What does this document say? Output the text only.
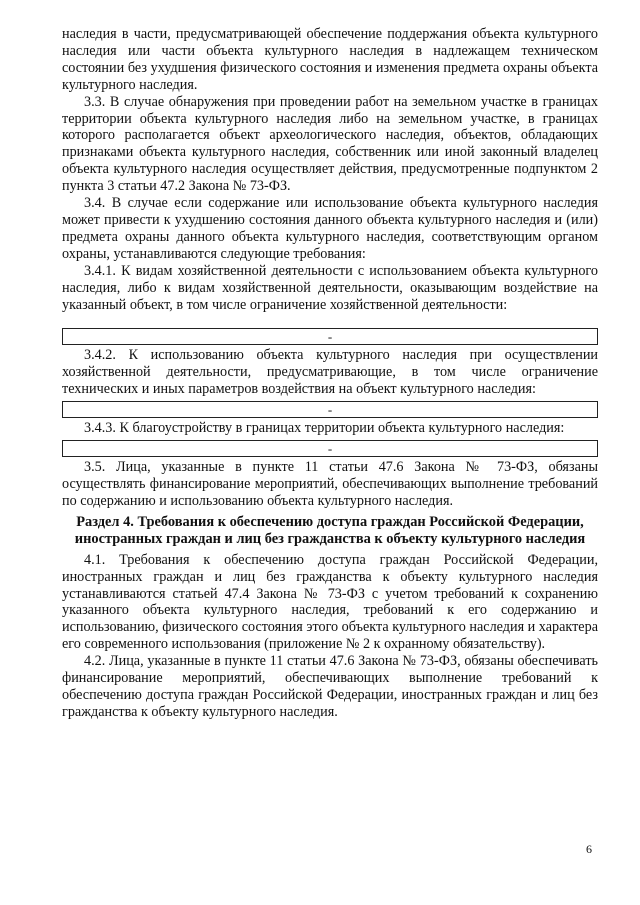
наследия в части, предусматривающей обеспечение поддержания объекта культурного наследия или части объекта культурного наследия в надлежащем техническом состоянии без ухудшения физического состояния и изменения предмета охраны объекта культурного наследия.

3.3. В случае обнаружения при проведении работ на земельном участке в границах территории объекта культурного наследия либо на земельном участке, в границах которого располагается объект археологического наследия, объектов, обладающих признаками объекта культурного наследия, собственник или иной законный владелец объекта культурного наследия осуществляет действия, предусмотренные подпунктом 2 пункта 3 статьи 47.2 Закона № 73-ФЗ.

3.4. В случае если содержание или использование объекта культурного наследия может привести к ухудшению состояния данного объекта культурного наследия и (или) предмета охраны данного объекта культурного наследия, соответствующим органом охраны, устанавливаются следующие требования:

3.4.1. К видам хозяйственной деятельности с использованием объекта культурного наследия, либо к видам хозяйственной деятельности, оказывающим воздействие на указанный объект, в том числе ограничение хозяйственной деятельности:

-

3.4.2. К использованию объекта культурного наследия при осуществлении хозяйственной деятельности, предусматривающие, в том числе ограничение технических и иных параметров воздействия на объект культурного наследия:

-

3.4.3. К благоустройству в границах территории объекта культурного наследия:

-

3.5. Лица, указанные в пункте 11 статьи 47.6 Закона № 73-ФЗ, обязаны осуществлять финансирование мероприятий, обеспечивающих выполнение требований по содержанию и использованию объекта культурного наследия.

Раздел 4. Требования к обеспечению доступа граждан Российской Федерации, иностранных граждан и лиц без гражданства к объекту культурного наследия

4.1. Требования к обеспечению доступа граждан Российской Федерации, иностранных граждан и лиц без гражданства к объекту культурного наследия устанавливаются статьей 47.4 Закона № 73-ФЗ с учетом требований к сохранению указанного объекта культурного наследия, требований к его содержанию и использованию, физического состояния этого объекта культурного наследия и характера его современного использования (приложение № 2 к охранному обязательству).

4.2. Лица, указанные в пункте 11 статьи 47.6 Закона № 73-ФЗ, обязаны обеспечивать финансирование мероприятий, обеспечивающих выполнение требований к обеспечению доступа граждан Российской Федерации, иностранных граждан и лиц без гражданства к объекту культурного наследия.

6
